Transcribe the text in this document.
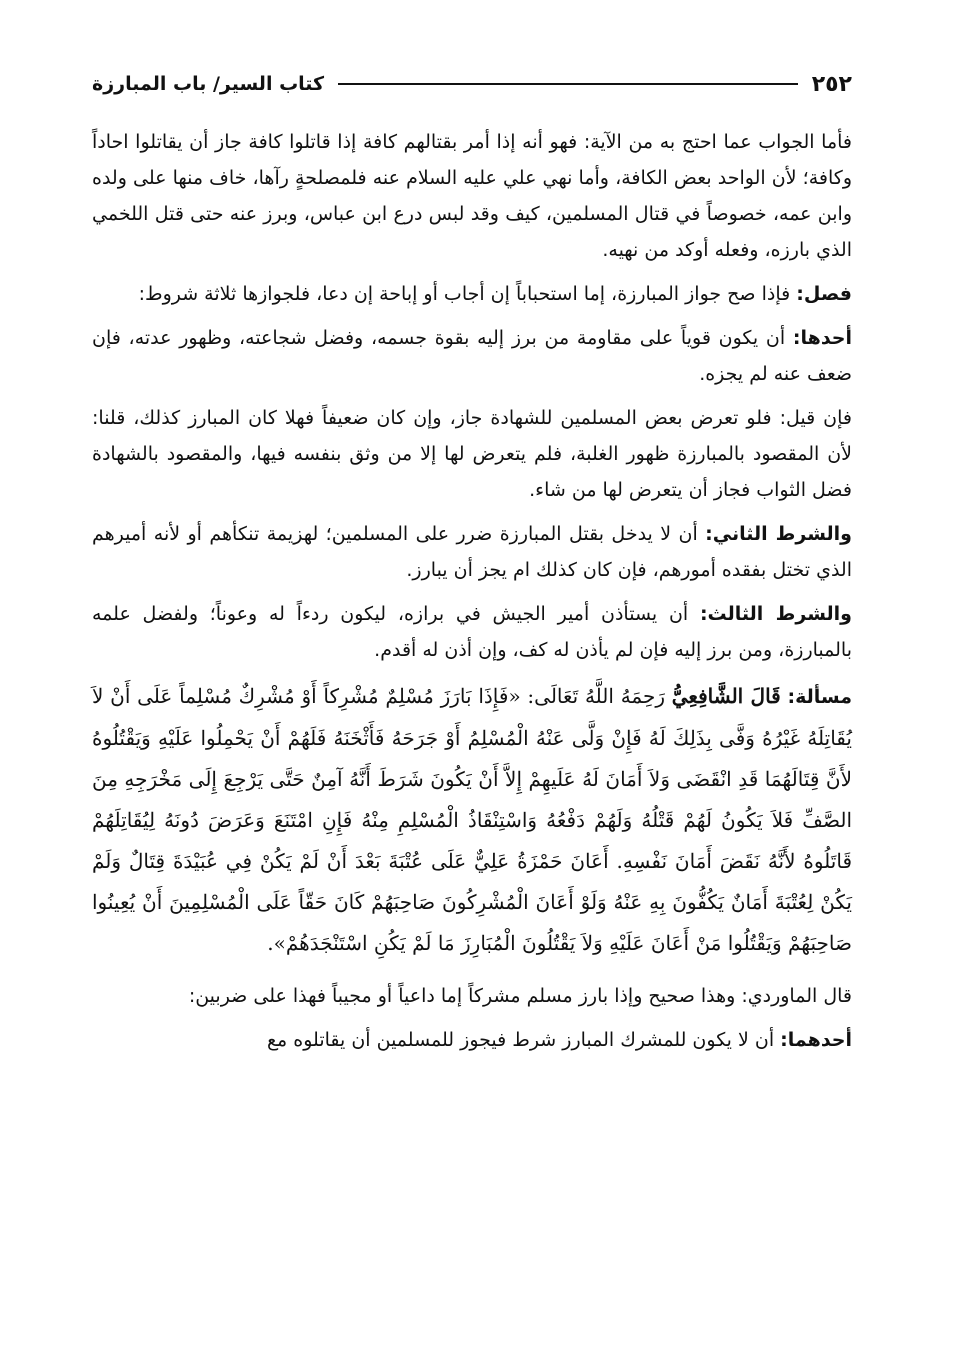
٢٥٢
كتاب السير/ باب المبارزة

فأما الجواب عما احتج به من الآية: فهو أنه إذا أمر بقتالهم كافة إذا قاتلوا كافة جاز أن يقاتلوا احاداً وكافة؛ لأن الواحد بعض الكافة، وأما نهي علي عليه السلام عنه فلمصلحةٍ رآها، خاف منها على ولده وابن عمه، خصوصاً في قتال المسلمين، كيف وقد لبس درع ابن عباس، وبرز عنه حتى قتل اللخمي الذي بارزه، وفعله أوكد من نهيه.

فصل: فإذا صح جواز المبارزة، إما استحباباً إن أجاب أو إباحة إن دعا، فلجوازها ثلاثة شروط:

أحدها: أن يكون قوياً على مقاومة من برز إليه بقوة جسمه، وفضل شجاعته، وظهور عدته، فإن ضعف عنه لم يجزه.

فإن قيل: فلو تعرض بعض المسلمين للشهادة جاز، وإن كان ضعيفاً فهلا كان المبارز كذلك، قلنا: لأن المقصود بالمبارزة ظهور الغلبة، فلم يتعرض لها إلا من وثق بنفسه فيها، والمقصود بالشهادة فضل الثواب فجاز أن يتعرض لها من شاء.

والشرط الثاني: أن لا يدخل بقتل المبارزة ضرر على المسلمين؛ لهزيمة تنكأهم أو لأنه أميرهم الذي تختل بفقده أمورهم، فإن كان كذلك ام يجز أن يبارز.

والشرط الثالث: أن يستأذن أمير الجيش في برازه، ليكون ردءاً له وعوناً؛ ولفضل علمه بالمبارزة، ومن برز إليه فإن لم يأذن له كف، وإن أذن له أقدم.

مسألة: قَالَ الشَّافِعِيُّ رَحِمَهُ اللَّهُ تَعَالَى: «فَإِذَا بَارَزَ مُسْلِمٌ مُشْرِكاً أَوْ مُشْرِكٌ مُسْلِماً عَلَى أَنْ لاَ يُقَاتِلَهُ غَيْرُهُ وَفَّى بِذَلِكَ لَهُ فَإِنْ وَلَّى عَنْهُ الْمُسْلِمُ أَوْ جَرَحَهُ فَأَثْخَنَهُ فَلَهُمْ أَنْ يَحْمِلُوا عَلَيْهِ وَيَقْتُلُوهُ لأَنَّ قِتَالَهُمَا قَدِ انْقَضَى وَلاَ أَمَانَ لَهُ عَلَيهِمْ إِلاَّ أَنْ يَكُونَ شَرَطَ أَنَّهُ آمِنٌ حَتَّى يَرْجِعَ إِلَى مَخْرَجِهِ مِنَ الصَّفِّ فَلاَ يَكُونُ لَهُمْ قَتْلُهُ وَلَهُمْ دَفْعُهُ وَاسْتِنْقَاذُ الْمُسْلِمِ مِنْهُ فَإِنِ امْتَنَعَ وَعَرَضَ دُونَهُ لِيُقَاتِلَهُمْ قَاتَلُوهُ لأَنَّهُ نَقَضَ أَمَانَ نَفْسِهِ. أَعَانَ حَمْزَةُ عَلِيٌّ عَلَى عُتْبَةَ بَعْدَ أَنْ لَمْ يَكُنْ فِي عُبَيْدَةَ قِتَالٌ وَلَمْ يَكُنْ لِعُتْبَةَ أَمَانٌ يَكُفُّونَ بِهِ عَنْهُ وَلَوْ أَعَانَ الْمُشْرِكُونَ صَاحِبَهُمْ كَانَ حَقّاً عَلَى الْمُسْلِمِينَ أَنْ يُعِينُوا صَاحِبَهُمْ وَيَقْتُلُوا مَنْ أَعَانَ عَلَيْهِ وَلاَ يَقْتُلُونَ الْمُبَارِزَ مَا لَمْ يَكُنِ اسْتَنْجَدَهُمْ».

قال الماوردي: وهذا صحيح وإذا بارز مسلم مشركاً إما داعياً أو مجيباً فهذا على ضربين:

أحدهما: أن لا يكون للمشرك المبارز شرط فيجوز للمسلمين أن يقاتلوه مع
